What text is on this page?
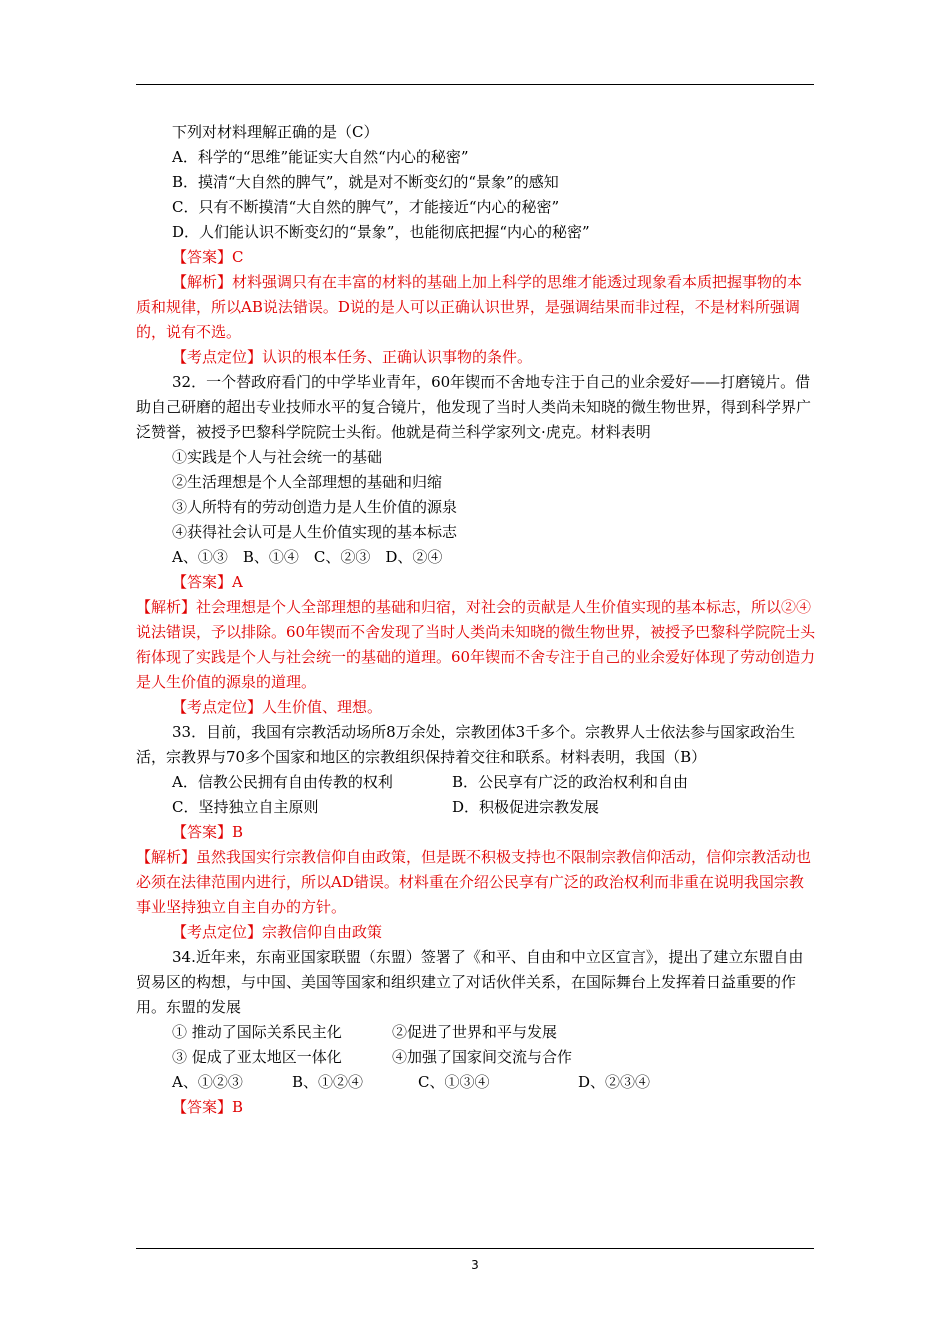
下列对材料理解正确的是（C）
A．科学的“思维”能证实大自然“内心的秘密”
B．摸清“大自然的脾气”，就是对不断变幻的“景象”的感知
C．只有不断摸清“大自然的脾气”，才能接近“内心的秘密”
D．人们能认识不断变幻的“景象”，也能彻底把握“内心的秘密”
【答案】C
【解析】材料强调只有在丰富的材料的基础上加上科学的思维才能透过现象看本质把握事物的本质和规律，所以AB说法错误。D说的是人可以正确认识世界，是强调结果而非过程，不是材料所强调的，说有不选。
【考点定位】认识的根本任务、正确认识事物的条件。
32．一个替政府看门的中学毕业青年，60年锲而不舍地专注于自己的业余爱好——打磨镜片。借助自己研磨的超出专业技师水平的复合镜片，他发现了当时人类尚未知晓的微生物世界，得到科学界广泛赞誉，被授予巴黎科学院院士头衔。他就是荷兰科学家列文·虎克。材料表明
①实践是个人与社会统一的基础
②生活理想是个人全部理想的基础和归缩
③人所特有的劳动创造力是人生价值的源泉
④获得社会认可是人生价值实现的基本标志
A、①③　B、①④　C、②③　D、②④
【答案】A
【解析】社会理想是个人全部理想的基础和归宿，对社会的贡献是人生价值实现的基本标志，所以②④说法错误，予以排除。60年锲而不舍发现了当时人类尚未知晓的微生物世界，被授予巴黎科学院院士头衔体现了实践是个人与社会统一的基础的道理。60年锲而不舍专注于自己的业余爱好体现了劳动创造力是人生价值的源泉的道理。
【考点定位】人生价值、理想。
33．目前，我国有宗教活动场所8万余处，宗教团体3千多个。宗教界人士依法参与国家政治生活，宗教界与70多个国家和地区的宗教组织保持着交往和联系。材料表明，我国（B）
A．信教公民拥有自由传教的权利	B．公民享有广泛的政治权利和自由
C．坚持独立自主原则	D．积极促进宗教发展
【答案】B
【解析】虽然我国实行宗教信仰自由政策，但是既不积极支持也不限制宗教信仰活动，信仰宗教活动也必须在法律范围内进行，所以AD错误。材料重在介绍公民享有广泛的政治权利而非重在说明我国宗教事业坚持独立自主自办的方针。
【考点定位】宗教信仰自由政策
34.近年来，东南亚国家联盟（东盟）签署了《和平、自由和中立区宣言》，提出了建立东盟自由贸易区的构想，与中国、美国等国家和组织建立了对话伙伴关系，在国际舞台上发挥着日益重要的作用。东盟的发展
① 推动了国际关系民主化	②促进了世界和平与发展
③ 促成了亚太地区一体化	④加强了国家间交流与合作
A、①②③	B、①②④	C、①③④	D、②③④
【答案】B
3
